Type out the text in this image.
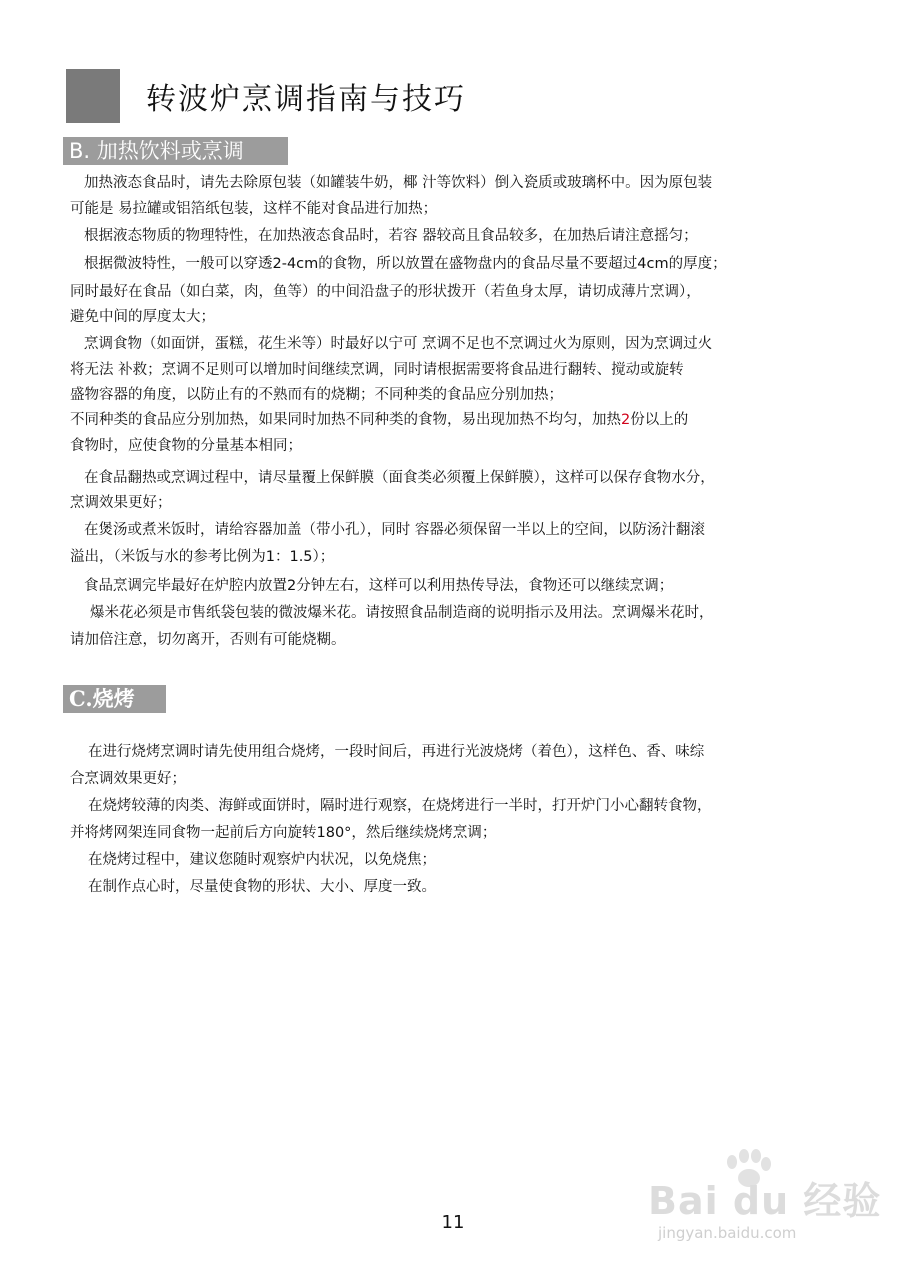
转波炉烹调指南与技巧
B. 加热饮料或烹调
加热液态食品时，请先去除原包装（如罐装牛奶，椰 汁等饮料）倒入瓷质或玻璃杯中。因为原包装
可能是 易拉罐或铝箔纸包装，这样不能对食品进行加热；
根据液态物质的物理特性，在加热液态食品时，若容 器较高且食品较多，在加热后请注意摇匀；
根据微波特性，一般可以穿透2-4cm的食物，所以放置在盛物盘内的食品尽量不要超过4cm的厚度；
同时最好在食品（如白菜，肉，鱼等）的中间沿盘子的形状拨开（若鱼身太厚，请切成薄片烹调），
避免中间的厚度太大；
烹调食物（如面饼，蛋糕，花生米等）时最好以宁可 烹调不足也不烹调过火为原则，因为烹调过火
将无法 补救；烹调不足则可以增加时间继续烹调，同时请根据需要将食品进行翻转、搅动或旋转
盛物容器的角度，以防止有的不熟而有的烧糊；不同种类的食品应分别加热；
不同种类的食品应分别加热，如果同时加热不同种类的食物，易出现加热不均匀，加热2份以上的
食物时，应使食物的分量基本相同；
在食品翻热或烹调过程中，请尽量覆上保鲜膜（面食类必须覆上保鲜膜），这样可以保存食物水分，
烹调效果更好；
在煲汤或煮米饭时，请给容器加盖（带小孔），同时 容器必须保留一半以上的空间，以防汤汁翻滚
溢出，（米饭与水的参考比例为1：1.5）；
食品烹调完毕最好在炉腔内放置2分钟左右，这样可以利用热传导法，食物还可以继续烹调；
爆米花必须是市售纸袋包装的微波爆米花。请按照食品制造商的说明指示及用法。烹调爆米花时，
请加倍注意，切勿离开，否则有可能烧糊。
C.烧烤
在进行烧烤烹调时请先使用组合烧烤，一段时间后，再进行光波烧烤（着色），这样色、香、味综
合烹调效果更好；
在烧烤较薄的肉类、海鲜或面饼时，隔时进行观察，在烧烤进行一半时，打开炉门小心翻转食物，
并将烤网架连同食物一起前后方向旋转180°，然后继续烧烤烹调；
在烧烤过程中，建议您随时观察炉内状况，以免烧焦；
在制作点心时，尽量使食物的形状、大小、厚度一致。
11	Bai du 经验
jingyan.baidu.com
